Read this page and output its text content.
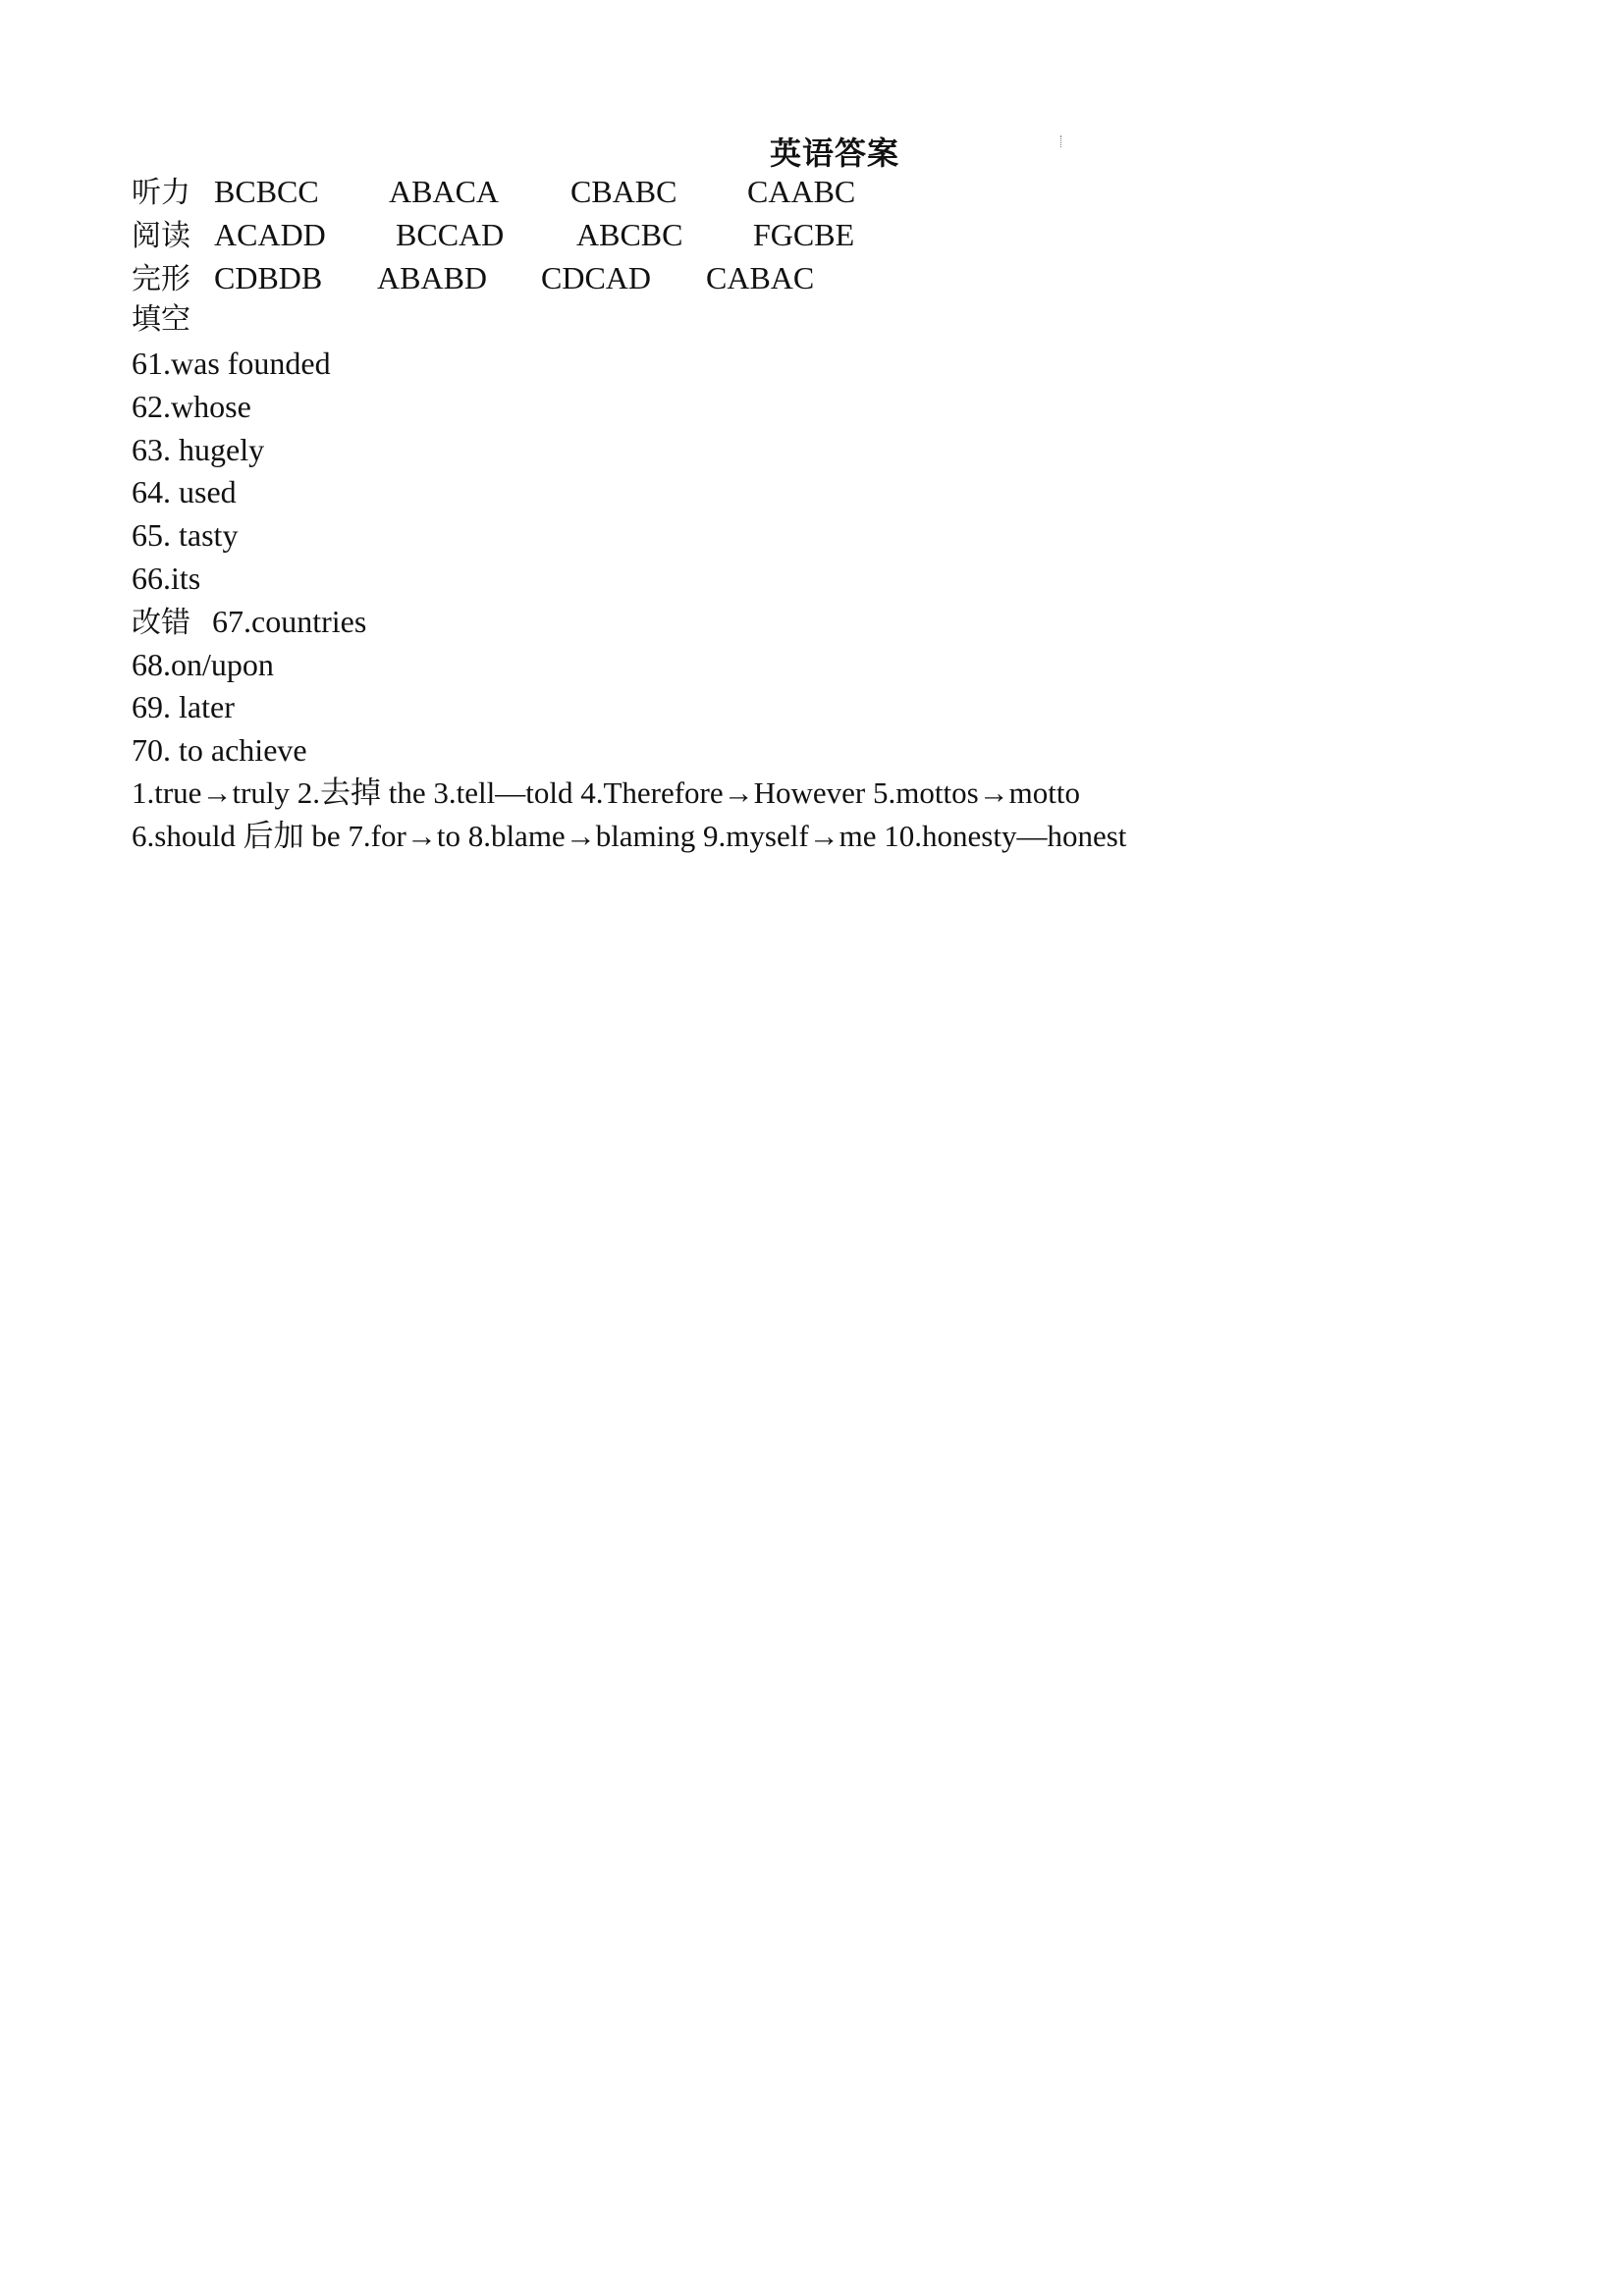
英语答案
听力 BCBCC ABACA CBABC CAABC
阅读 ACADD BCCAD ABCBC FGCBE
完形 CDBDB ABABD CDCAD CABAC
填空
61.was founded
62.whose
63. hugely
64. used
65. tasty
66.its
改错 67.countries
68.on/upon
69. later
70. to achieve
1.true→truly 2.去掉 the 3.tell—told 4.Therefore→However 5.mottos→motto
6.should 后加 be 7.for→to 8.blame→blaming 9.myself→me 10.honesty—honest
